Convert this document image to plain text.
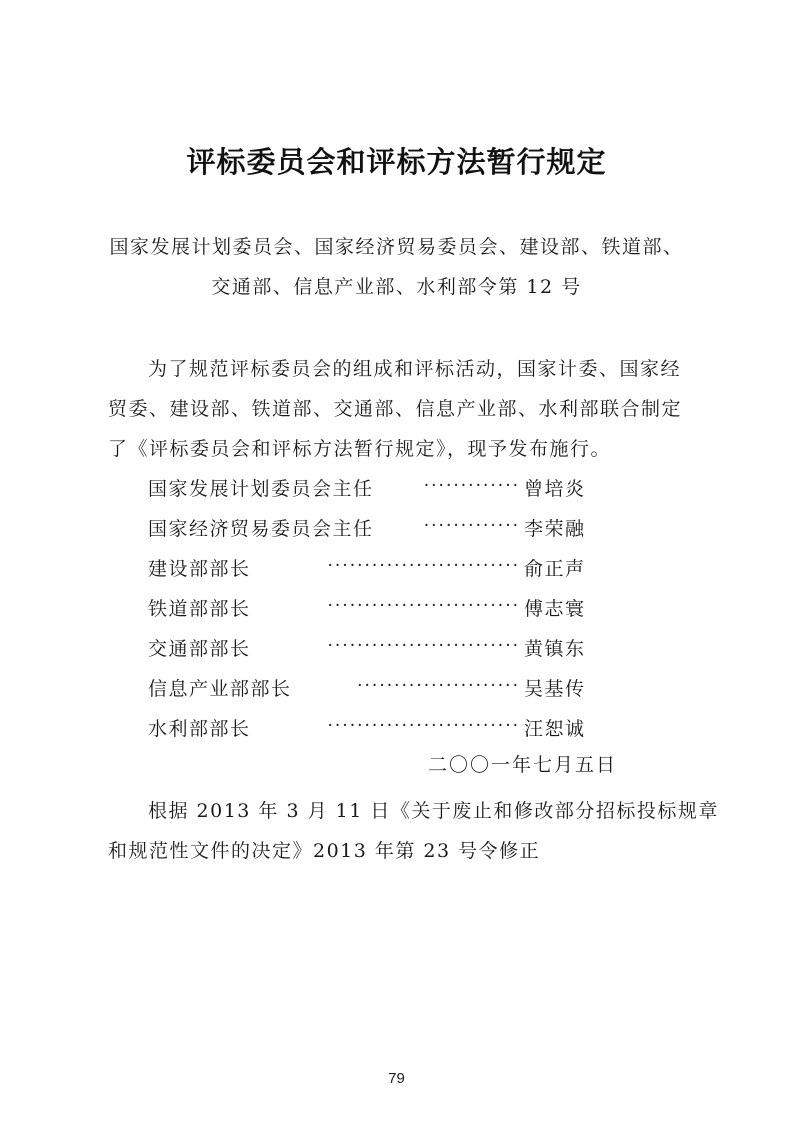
评标委员会和评标方法暂行规定
国家发展计划委员会、国家经济贸易委员会、建设部、铁道部、
交通部、信息产业部、水利部令第 12 号
为了规范评标委员会的组成和评标活动，国家计委、国家经
贸委、建设部、铁道部、交通部、信息产业部、水利部联合制定
了《评标委员会和评标方法暂行规定》，现予发布施行。
国家发展计划委员会主任	············· 曾培炎
国家经济贸易委员会主任	············· 李荣融
建设部部长	·························· 俞正声
铁道部部长	·························· 傅志寰
交通部部长	·························· 黄镇东
信息产业部部长	······················ 吴基传
水利部部长	·························· 汪恕诚
二〇〇一年七月五日
根据 2013 年 3 月 11 日《关于废止和修改部分招标投标规章
和规范性文件的决定》2013 年第 23 号令修正
79
